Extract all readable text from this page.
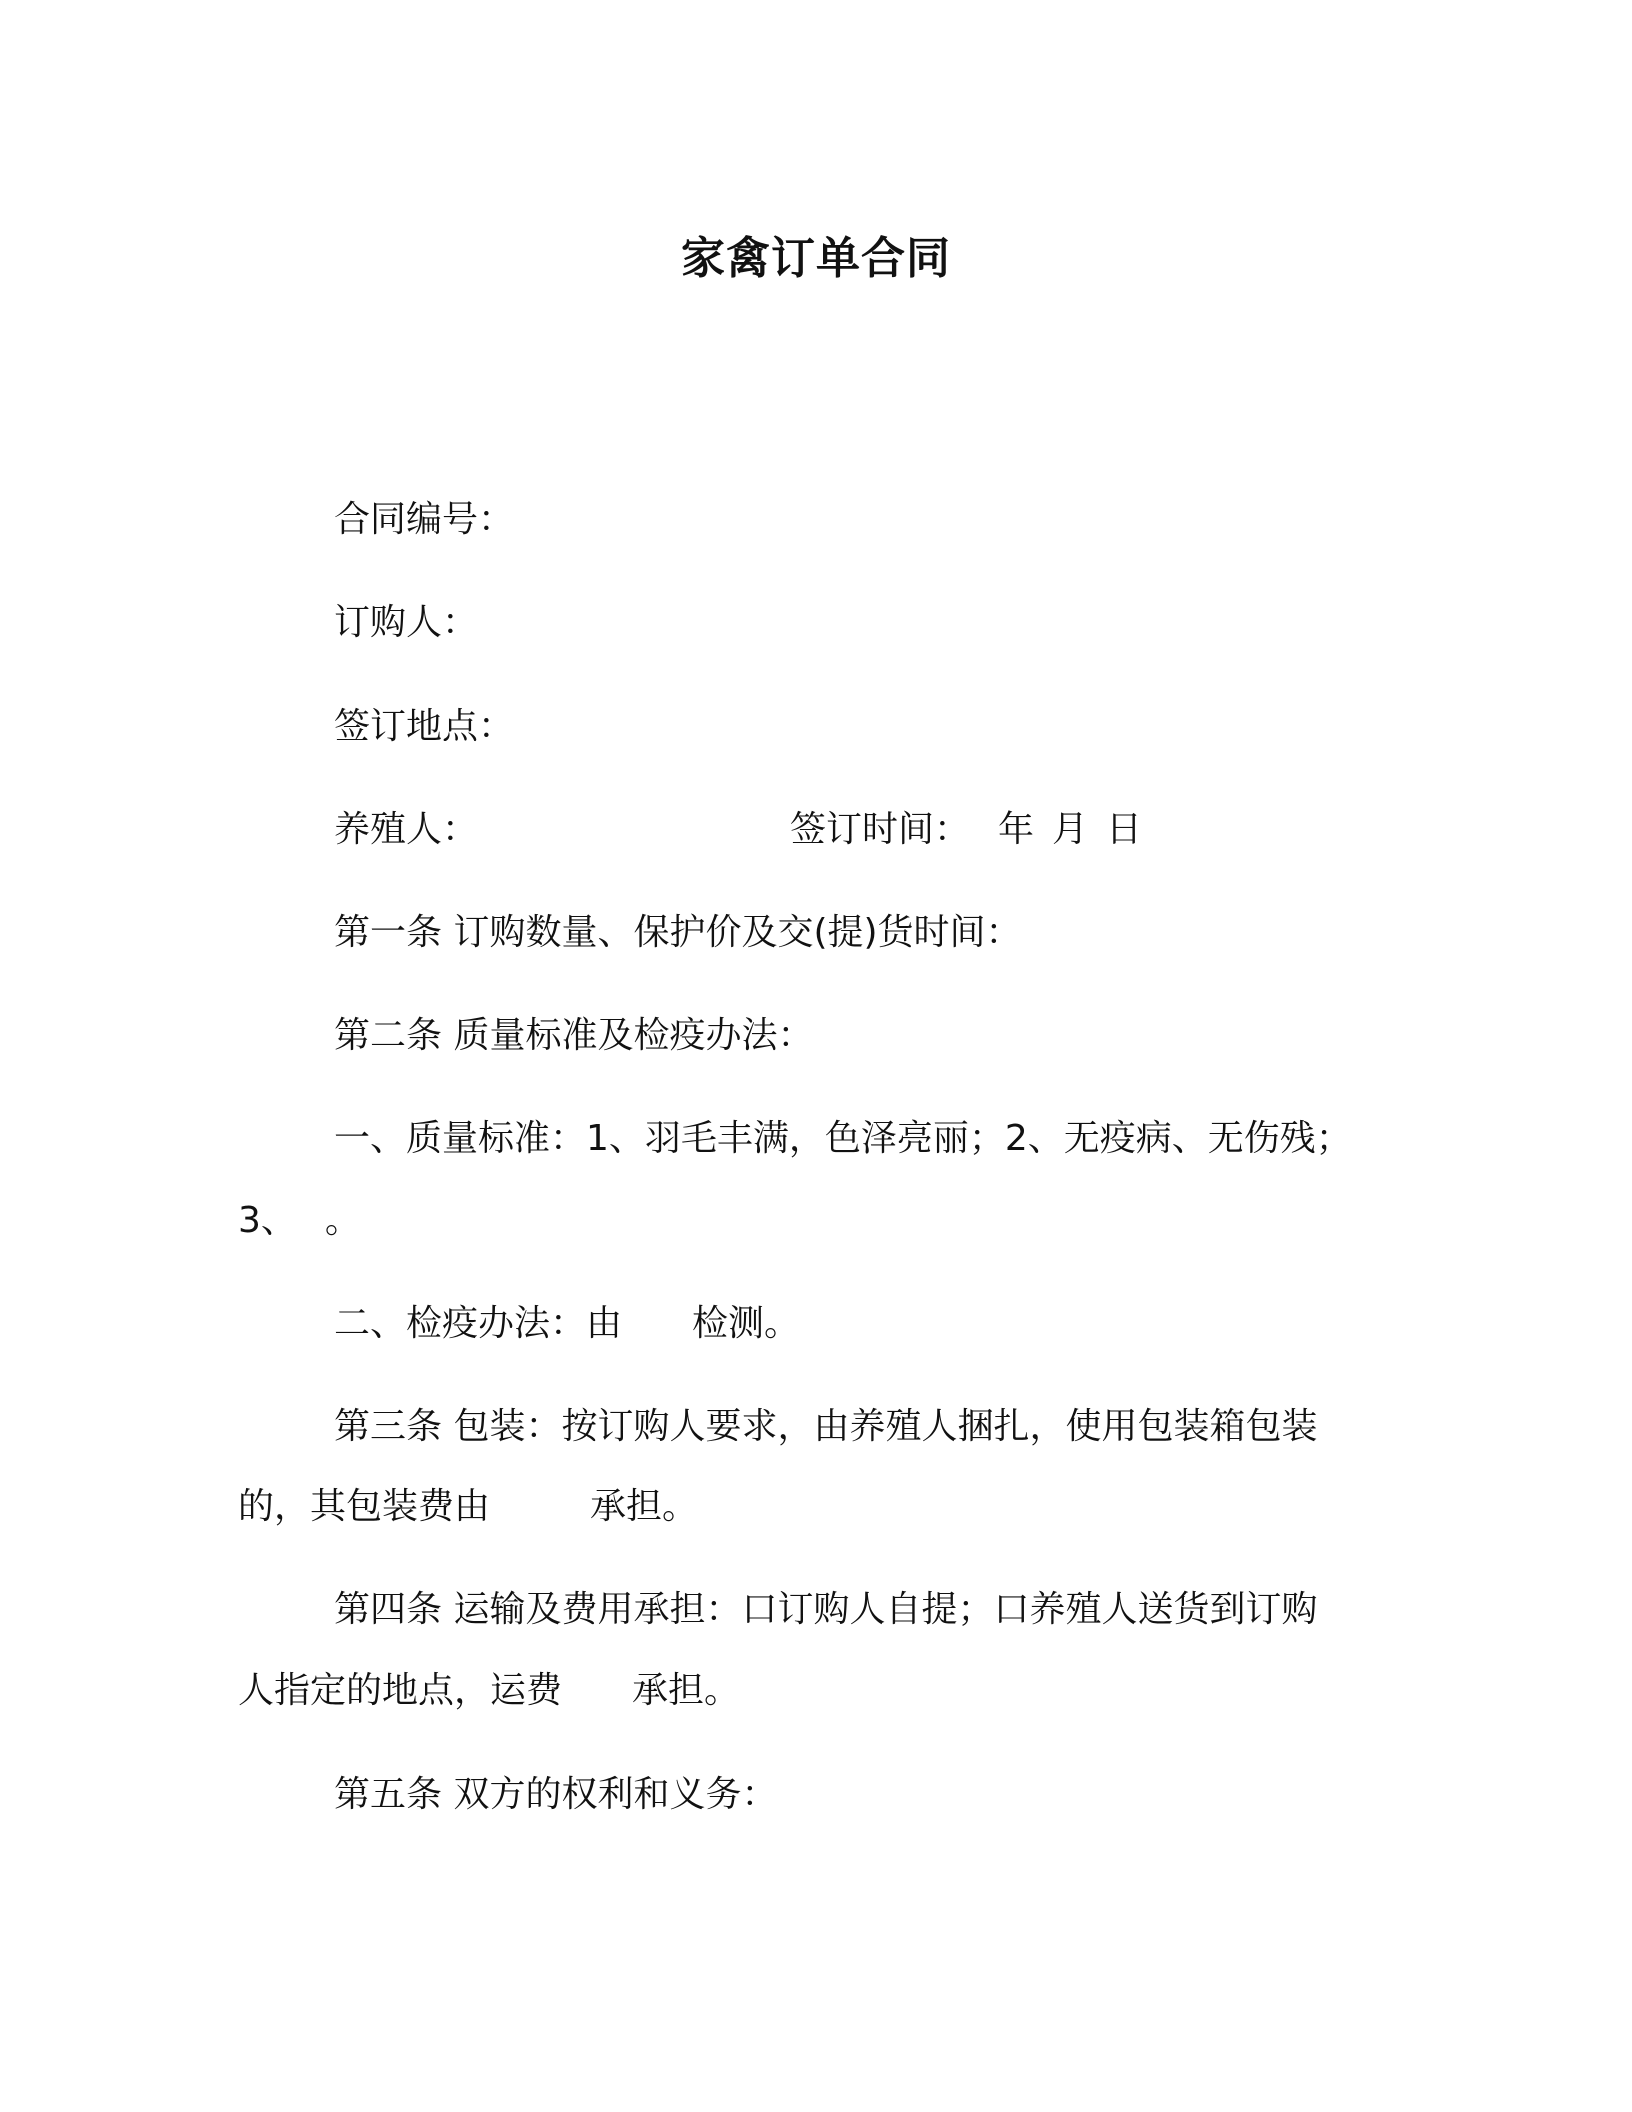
家禽订单合同
合同编号：
订购人：
签订地点：
养殖人：	签订时间： 年 月 日
第一条 订购数量、保护价及交(提)货时间：
第二条 质量标准及检疫办法：
一、质量标准：1、羽毛丰满，色泽亮丽；2、无疫病、无伤残；
3、 。
二、检疫办法：由 检测。
第三条 包装：按订购人要求，由养殖人捆扎，使用包装箱包装
的，其包装费由	承担。
第四条 运输及费用承担：口订购人自提；口养殖人送货到订购
人指定的地点，运费 承担。
第五条 双方的权利和义务：
